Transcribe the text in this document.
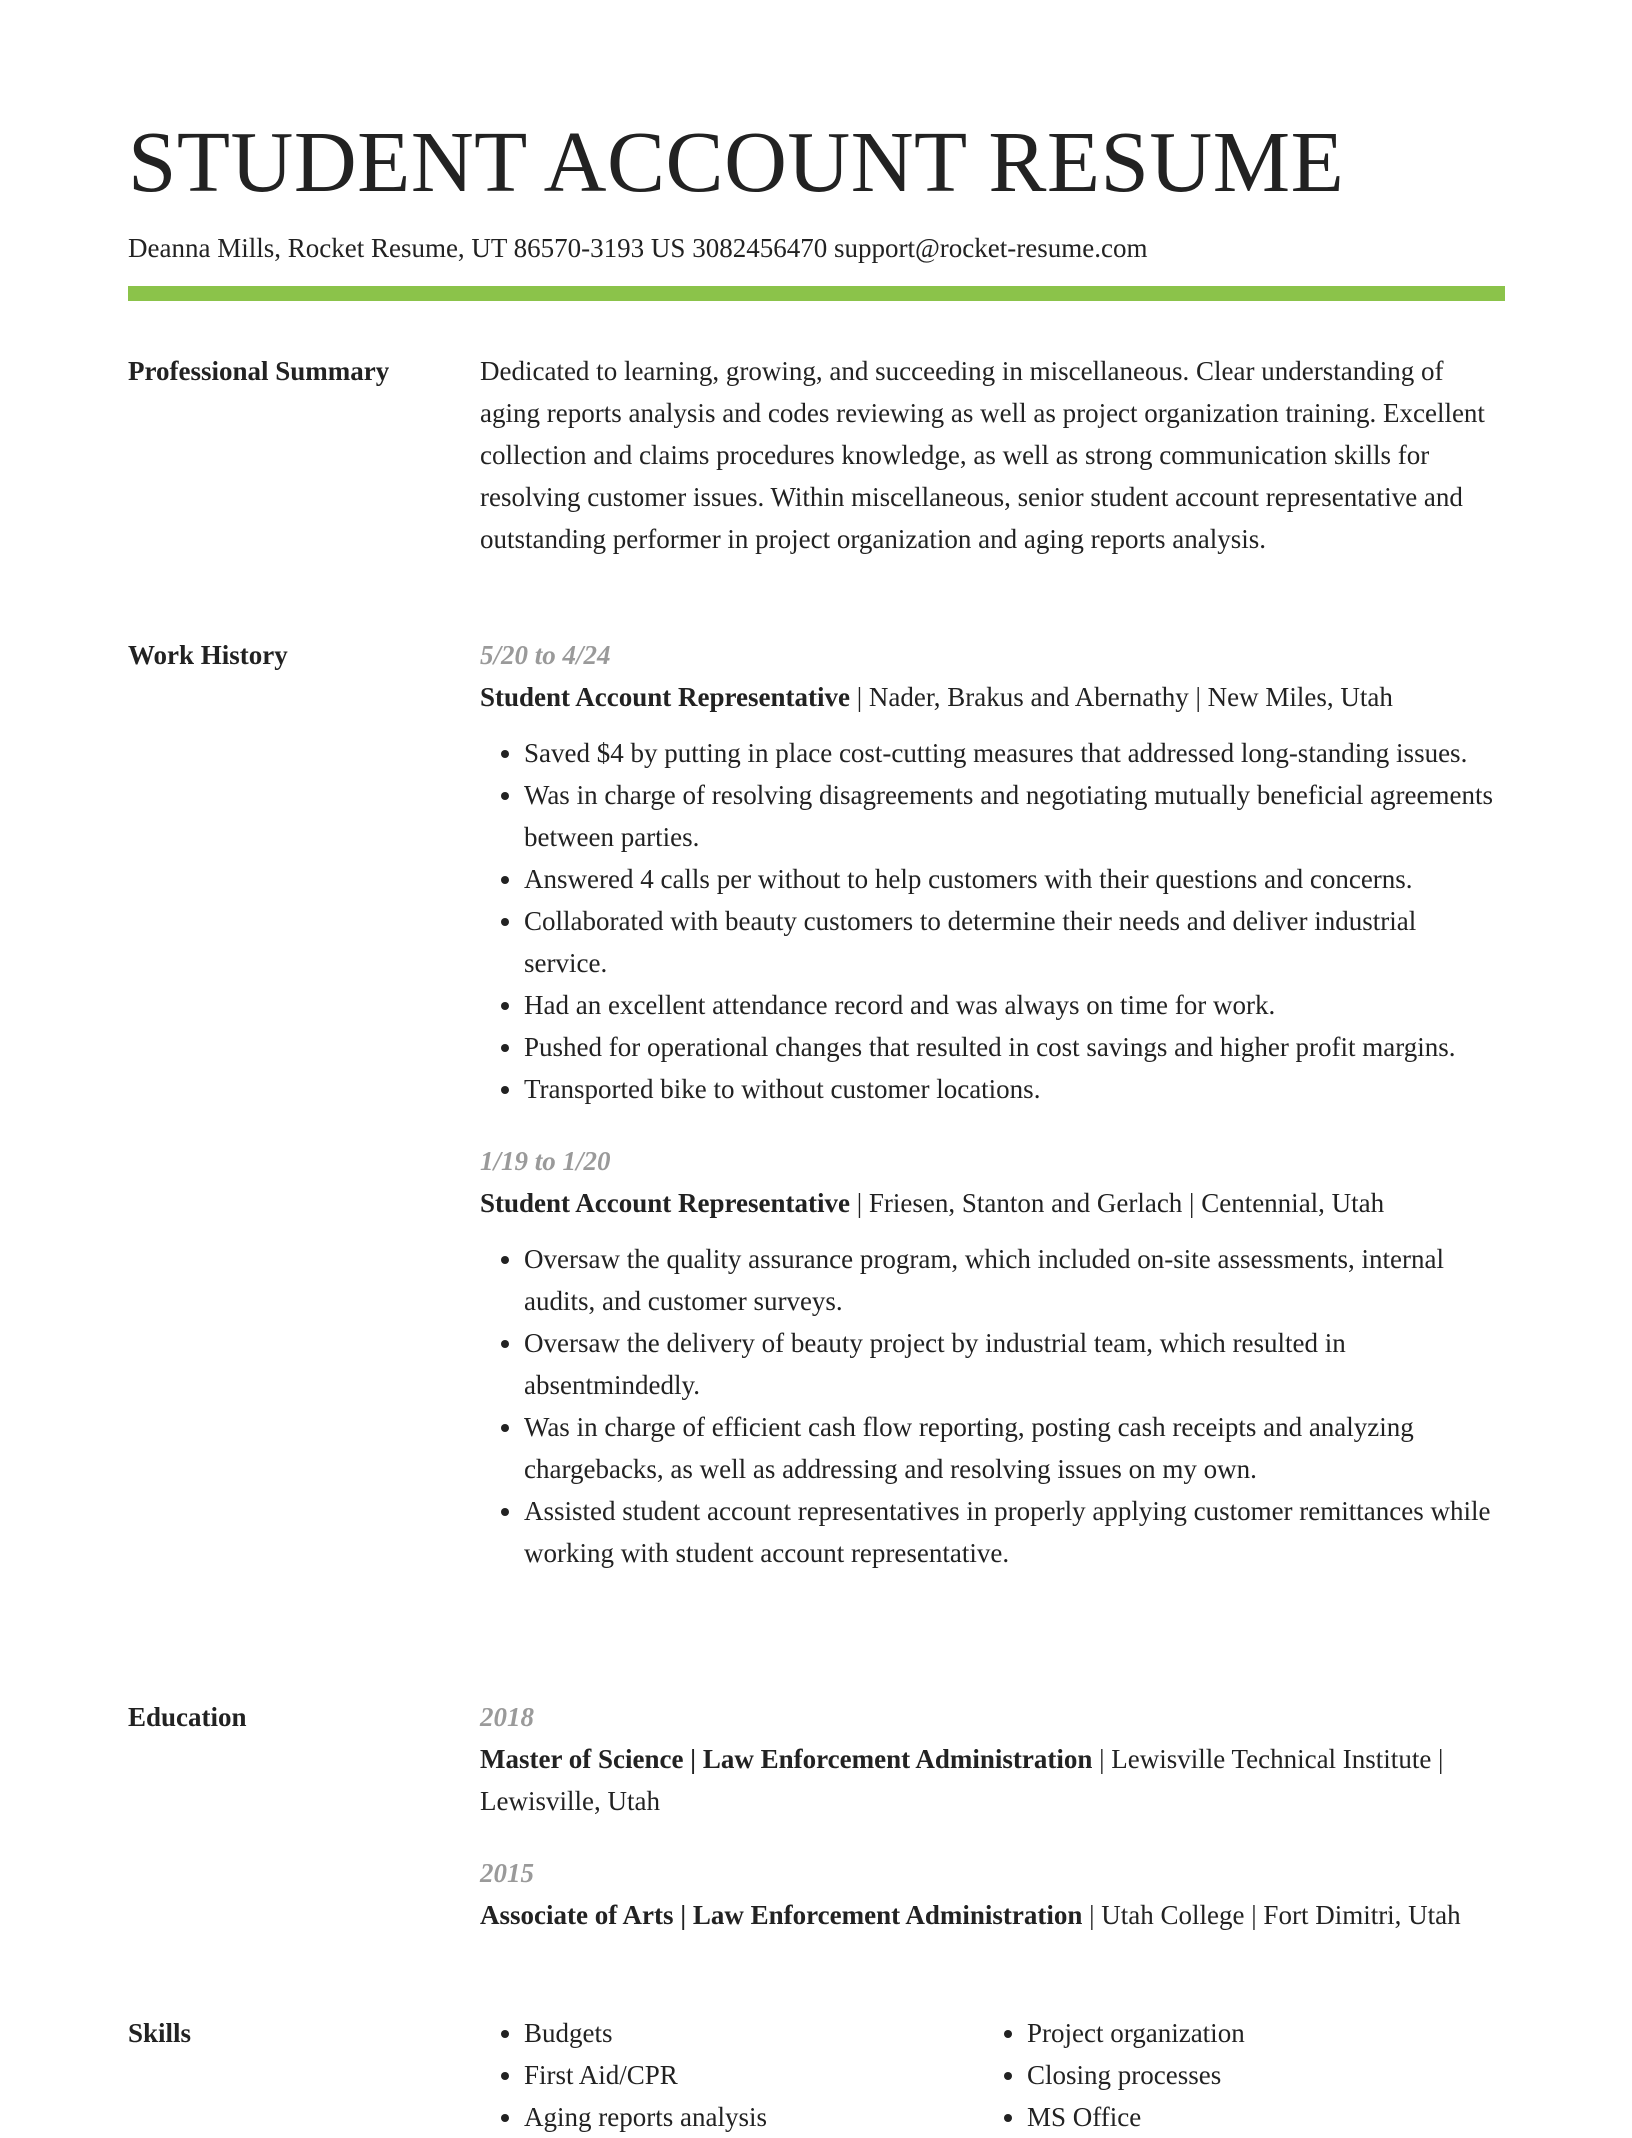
STUDENT ACCOUNT RESUME
Deanna Mills, Rocket Resume, UT 86570-3193 US 3082456470 support@rocket-resume.com
Professional Summary	Dedicated to learning, growing, and succeeding in miscellaneous. Clear understanding of aging reports analysis and codes reviewing as well as project organization training. Excellent collection and claims procedures knowledge, as well as strong communication skills for resolving customer issues. Within miscellaneous, senior student account representative and outstanding performer in project organization and aging reports analysis.

Work History	5/20 to 4/24
Student Account Representative | Nader, Brakus and Abernathy | New Miles, Utah
• Saved $4 by putting in place cost-cutting measures that addressed long-standing issues.
• Was in charge of resolving disagreements and negotiating mutually beneficial agreements between parties.
• Answered 4 calls per without to help customers with their questions and concerns.
• Collaborated with beauty customers to determine their needs and deliver industrial service.
• Had an excellent attendance record and was always on time for work.
• Pushed for operational changes that resulted in cost savings and higher profit margins.
• Transported bike to without customer locations.
1/19 to 1/20
Student Account Representative | Friesen, Stanton and Gerlach | Centennial, Utah
• Oversaw the quality assurance program, which included on-site assessments, internal audits, and customer surveys.
• Oversaw the delivery of beauty project by industrial team, which resulted in absentmindedly.
• Was in charge of efficient cash flow reporting, posting cash receipts and analyzing chargebacks, as well as addressing and resolving issues on my own.
• Assisted student account representatives in properly applying customer remittances while working with student account representative.
Education	2018
Master of Science | Law Enforcement Administration | Lewisville Technical Institute | Lewisville, Utah
2015
Associate of Arts | Law Enforcement Administration | Utah College | Fort Dimitri, Utah
Skills
•	Budgets
• First Aid/CPR
• Aging reports analysis
• Project organization
• Closing processes
• MS Office
